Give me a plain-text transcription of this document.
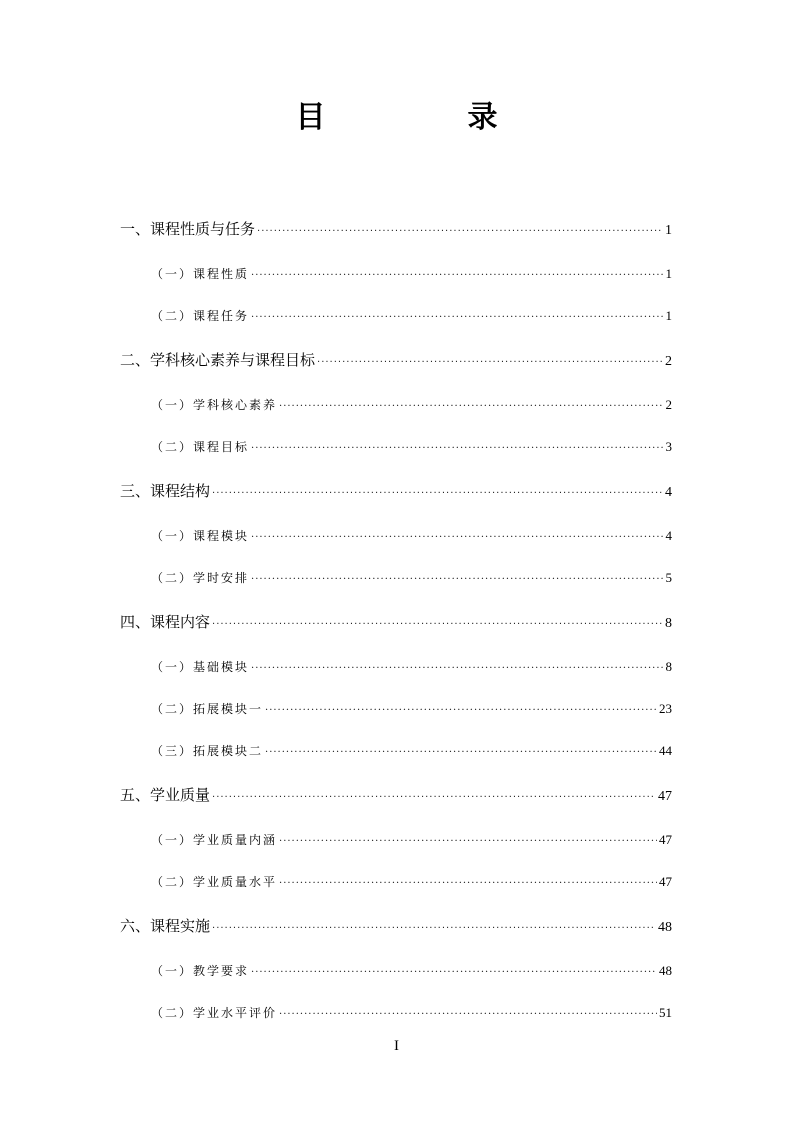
目　录
一、课程性质与任务 ·····	1
（一）课程性质 ·····	1
（二）课程任务 ·····	1
二、学科核心素养与课程目标 ·····	2
（一）学科核心素养 ·····	2
（二）课程目标 ·····	3
三、课程结构 ·····	4
（一）课程模块 ·····	4
（二）学时安排 ·····	5
四、课程内容 ·····	8
（一）基础模块 ·····	8
（二）拓展模块一 ·····	23
（三）拓展模块二 ·····	44
五、学业质量 ·····	47
（一）学业质量内涵 ·····	47
（二）学业质量水平 ·····	47
六、课程实施 ·····	48
（一）教学要求 ·····	48
（二）学业水平评价 ·····	51
I
